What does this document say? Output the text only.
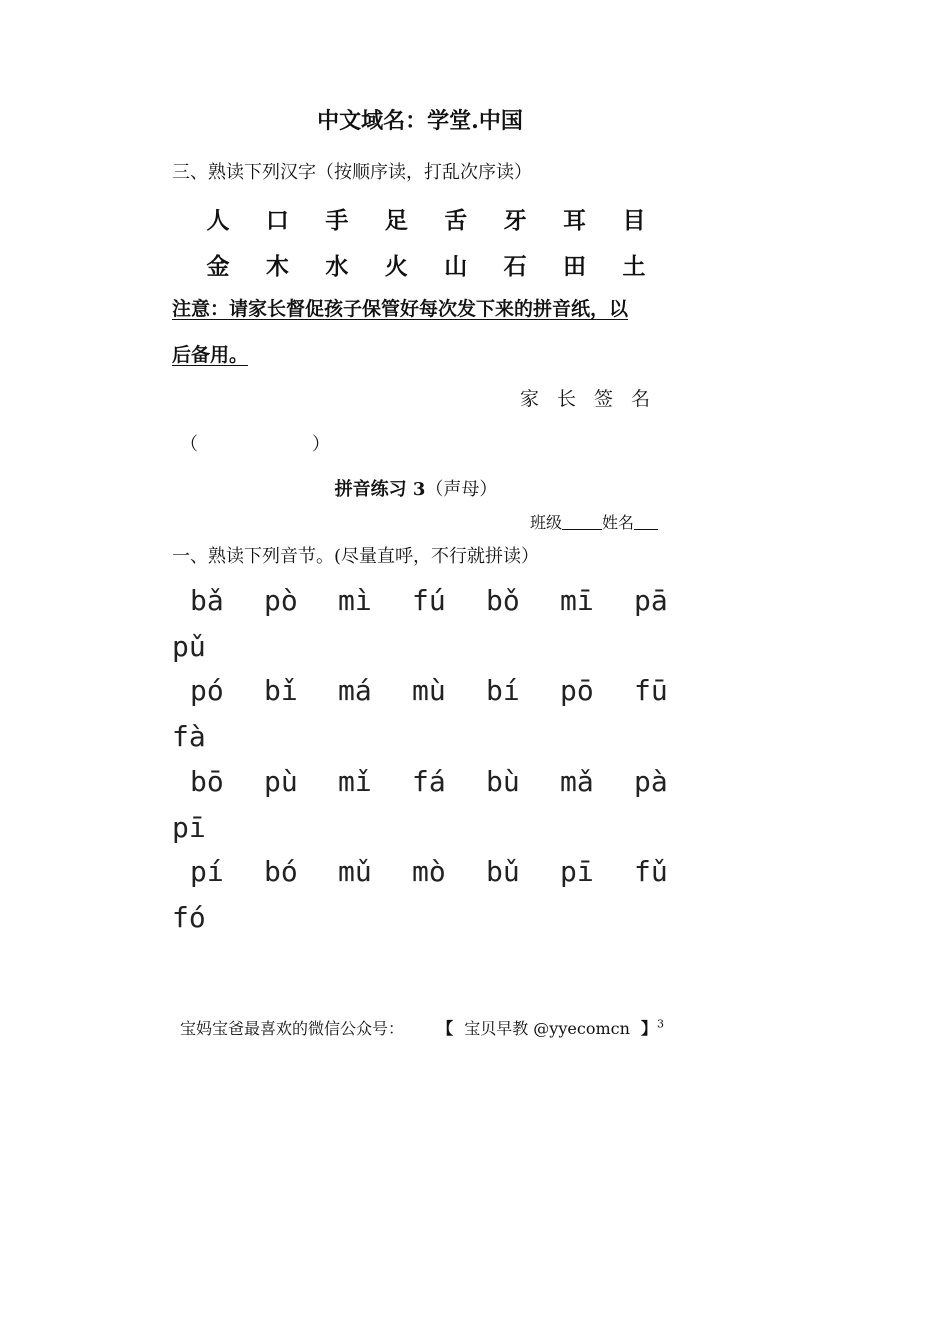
中文域名：学堂.中国
三、熟读下列汉字（按顺序读，打乱次序读）
人	口	手	足	舌	牙	耳	目
金	木	水	火	山	石	田	土
注意：请家长督促孩子保管好每次发下来的拼音纸，以
后备用。
家长签名
（	）
拼音练习 3（声母）
班级	姓名
一、熟读下列音节。(尽量直呼，不行就拼读）
bǎ	pò	mì	fú	bǒ	mī	pā
pǔ
pó	bǐ	má	mù	bí	pō	fū
fà
bō	pù	mǐ	fá	bù	mǎ	pà
pī
pí	bó	mǔ	mò	bǔ	pī	fǔ
fó
宝妈宝爸最喜欢的微信公众号： 【 宝贝早教 @yyecomcn 】$^3$
